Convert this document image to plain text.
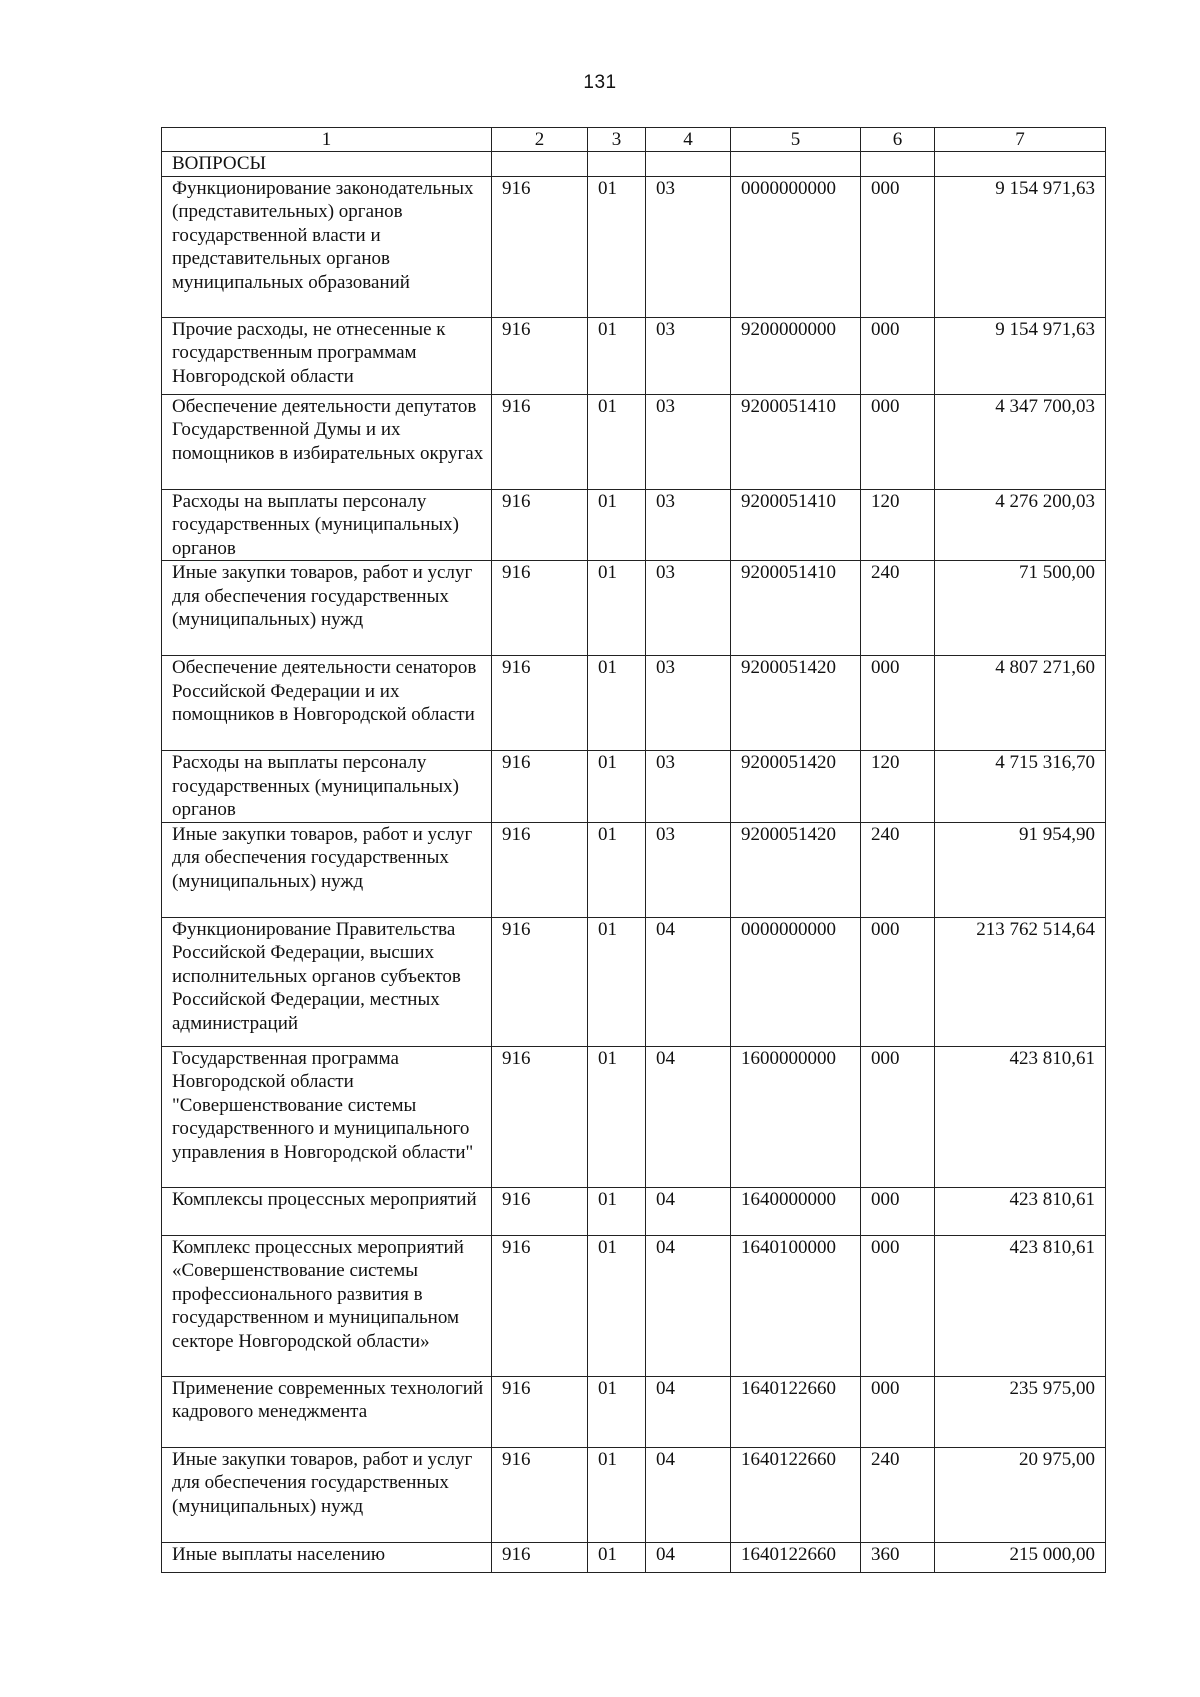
131
1	2	3	4	5	6	7
ВОПРОСЫ						
Функционирование законодательных (представительных) органов государственной власти и представительных органов муниципальных образований	916	01	03	0000000000	000	9 154 971,63
Прочие расходы, не отнесенные к государственным программам Новгородской области	916	01	03	9200000000	000	9 154 971,63
Обеспечение деятельности депутатов Государственной Думы и их помощников в избирательных округах	916	01	03	9200051410	000	4 347 700,03
Расходы на выплаты персоналу государственных (муниципальных) органов	916	01	03	9200051410	120	4 276 200,03
Иные закупки товаров, работ и услуг для обеспечения государственных (муниципальных) нужд	916	01	03	9200051410	240	71 500,00
Обеспечение деятельности сенаторов Российской Федерации и их помощников в Новгородской области	916	01	03	9200051420	000	4 807 271,60
Расходы на выплаты персоналу государственных (муниципальных) органов	916	01	03	9200051420	120	4 715 316,70
Иные закупки товаров, работ и услуг для обеспечения государственных (муниципальных) нужд	916	01	03	9200051420	240	91 954,90
Функционирование Правительства Российской Федерации, высших исполнительных органов субъектов Российской Федерации, местных администраций	916	01	04	0000000000	000	213 762 514,64
Государственная программа Новгородской области "Совершенствование системы государственного и муниципального управления в Новгородской области"	916	01	04	1600000000	000	423 810,61
Комплексы процессных мероприятий	916	01	04	1640000000	000	423 810,61
Комплекс процессных мероприятий «Совершенствование системы профессионального развития в государственном и муниципальном секторе Новгородской области»	916	01	04	1640100000	000	423 810,61
Применение современных технологий кадрового менеджмента	916	01	04	1640122660	000	235 975,00
Иные закупки товаров, работ и услуг для обеспечения государственных (муниципальных) нужд	916	01	04	1640122660	240	20 975,00
Иные выплаты населению	916	01	04	1640122660	360	215 000,00
